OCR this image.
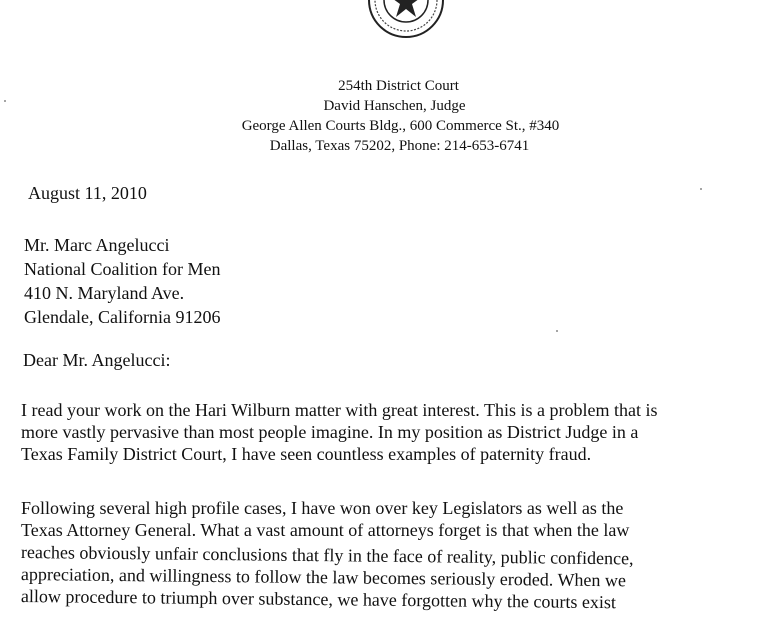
254th District Court
David Hanschen, Judge
George Allen Courts Bldg., 600 Commerce St., #340
Dallas, Texas 75202, Phone: 214-653-6741
August 11, 2010
Mr. Marc Angelucci
National Coalition for Men
410 N. Maryland Ave.
Glendale, California 91206
Dear Mr. Angelucci:
I read your work on the Hari Wilburn matter with great interest. This is a problem that is
more vastly pervasive than most people imagine. In my position as District Judge in a
Texas Family District Court, I have seen countless examples of paternity fraud.
Following several high profile cases, I have won over key Legislators as well as the
Texas Attorney General. What a vast amount of attorneys forget is that when the law
reaches obviously unfair conclusions that fly in the face of reality, public confidence,
appreciation, and willingness to follow the law becomes seriously eroded. When we
allow procedure to triumph over substance, we have forgotten why the courts exist
